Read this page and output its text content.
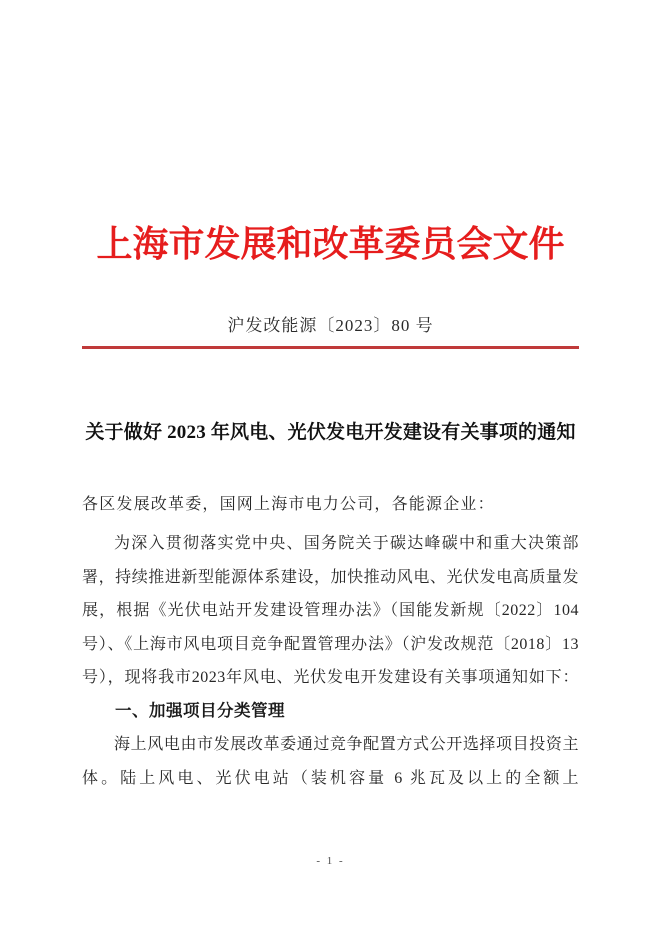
上海市发展和改革委员会文件
沪发改能源〔2023〕80 号
关于做好 2023 年风电、光伏发电开发建设有关事项的通知
各区发展改革委，国网上海市电力公司，各能源企业：

为深入贯彻落实党中央、国务院关于碳达峰碳中和重大决策部署，持续推进新型能源体系建设，加快推动风电、光伏发电高质量发展，根据《光伏电站开发建设管理办法》（国能发新规〔2022〕104号）、《上海市风电项目竞争配置管理办法》（沪发改规范〔2018〕13号），现将我市2023年风电、光伏发电开发建设有关事项通知如下：

一、加强项目分类管理

海上风电由市发展改革委通过竞争配置方式公开选择项目投资主体。陆上风电、光伏电站（装机容量 6 兆瓦及以上的全额上

- 1 -
